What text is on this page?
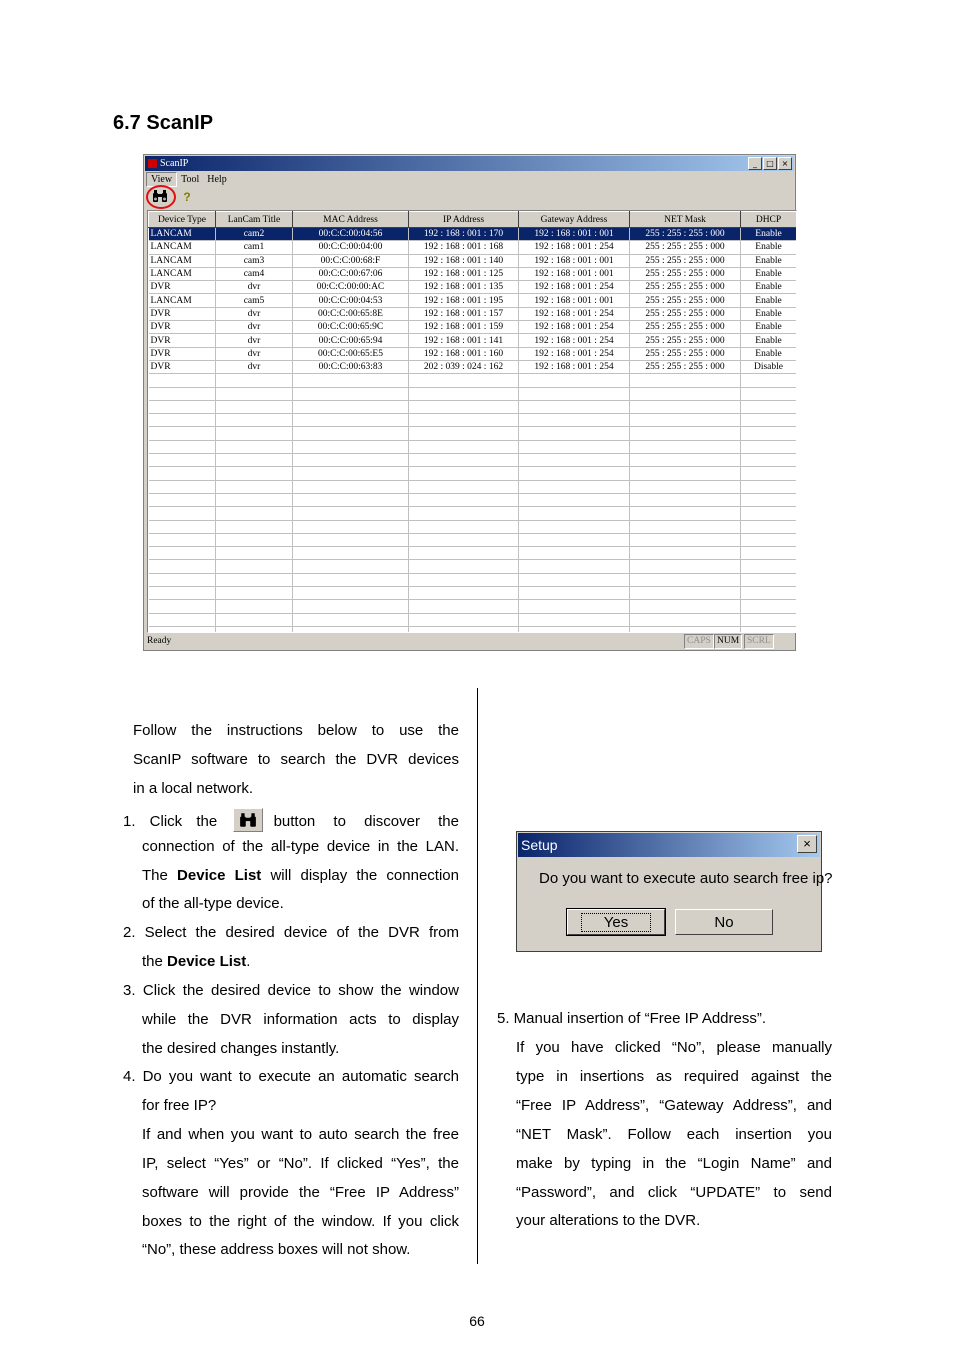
6.7 ScanIP
ScanIP	_	□ ×
View Tool Help
?
Device Type	LanCam Title	MAC Address	IP Address	Gateway Address	NET Mask	DHCP
LANCAM	cam2	00:C:C:00:04:56	192 : 168 : 001 : 170	192 : 168 : 001 : 001	255 : 255 : 255 : 000	Enable
LANCAM	cam1	00:C:C:00:04:00	192 : 168 : 001 : 168	192 : 168 : 001 : 254	255 : 255 : 255 : 000	Enable
LANCAM	cam3	00:C:C:00:68:F	192 : 168 : 001 : 140	192 : 168 : 001 : 001	255 : 255 : 255 : 000	Enable
LANCAM	cam4	00:C:C:00:67:06	192 : 168 : 001 : 125	192 : 168 : 001 : 001	255 : 255 : 255 : 000	Enable
DVR	dvr	00:C:C:00:00:AC	192 : 168 : 001 : 135	192 : 168 : 001 : 254	255 : 255 : 255 : 000	Enable
LANCAM	cam5	00:C:C:00:04:53	192 : 168 : 001 : 195	192 : 168 : 001 : 001	255 : 255 : 255 : 000	Enable
DVR	dvr	00:C:C:00:65:8E	192 : 168 : 001 : 157	192 : 168 : 001 : 254	255 : 255 : 255 : 000	Enable
DVR	dvr	00:C:C:00:65:9C	192 : 168 : 001 : 159	192 : 168 : 001 : 254	255 : 255 : 255 : 000	Enable
DVR	dvr	00:C:C:00:65:94	192 : 168 : 001 : 141	192 : 168 : 001 : 254	255 : 255 : 255 : 000	Enable
DVR	dvr	00:C:C:00:65:E5	192 : 168 : 001 : 160	192 : 168 : 001 : 254	255 : 255 : 255 : 000	Enable
DVR	dvr	00:C:C:00:63:83	202 : 039 : 024 : 162	192 : 168 : 001 : 254	255 : 255 : 255 : 000	Disable

Ready	CAPS NUM SCRL
Follow the instructions below to use the
ScanIP software to search the DVR devices
in a local network.
1. Click the	button to discover the
connection of the all-type device in the LAN.
The Device List will display the connection
of the all-type device.
2. Select the desired device of the DVR from
the Device List.
3. Click the desired device to show the window
while the DVR information acts to display
the desired changes instantly.
4. Do you want to execute an automatic search
for free IP?
If and when you want to auto search the free
IP, select “Yes” or “No”. If clicked “Yes”, the
software will provide the “Free IP Address”
boxes to the right of the window. If you click
“No”, these address boxes will not show.
Setup	×
Do you want to execute auto search free ip?
Yes	No
5. Manual insertion of “Free IP Address”.
If you have clicked “No”, please manually
type in insertions as required against the
“Free IP Address”, “Gateway Address”, and
“NET Mask”. Follow each insertion you
make by typing in the “Login Name” and
“Password”, and click “UPDATE” to send
your alterations to the DVR.
66
